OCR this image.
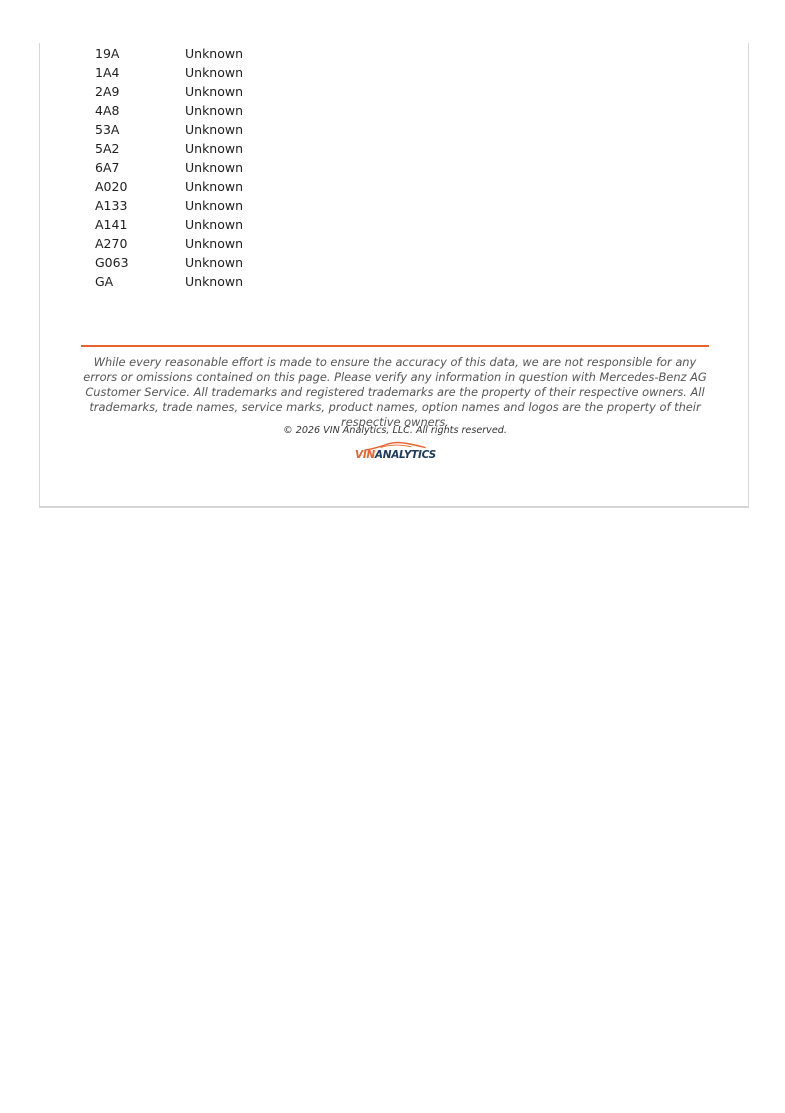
19A	Unknown
1A4	Unknown
2A9	Unknown
4A8	Unknown
53A	Unknown
5A2	Unknown
6A7	Unknown
A020	Unknown
A133	Unknown
A141	Unknown
A270	Unknown
G063	Unknown
GA	Unknown
While every reasonable effort is made to ensure the accuracy of this data, we are not responsible for any errors or omissions contained on this page. Please verify any information in question with Mercedes-Benz AG Customer Service. All trademarks and registered trademarks are the property of their respective owners. All trademarks, trade names, service marks, product names, option names and logos are the property of their respective owners.
© 2026 VIN Analytics, LLC. All rights reserved.
VINANALYTICS
